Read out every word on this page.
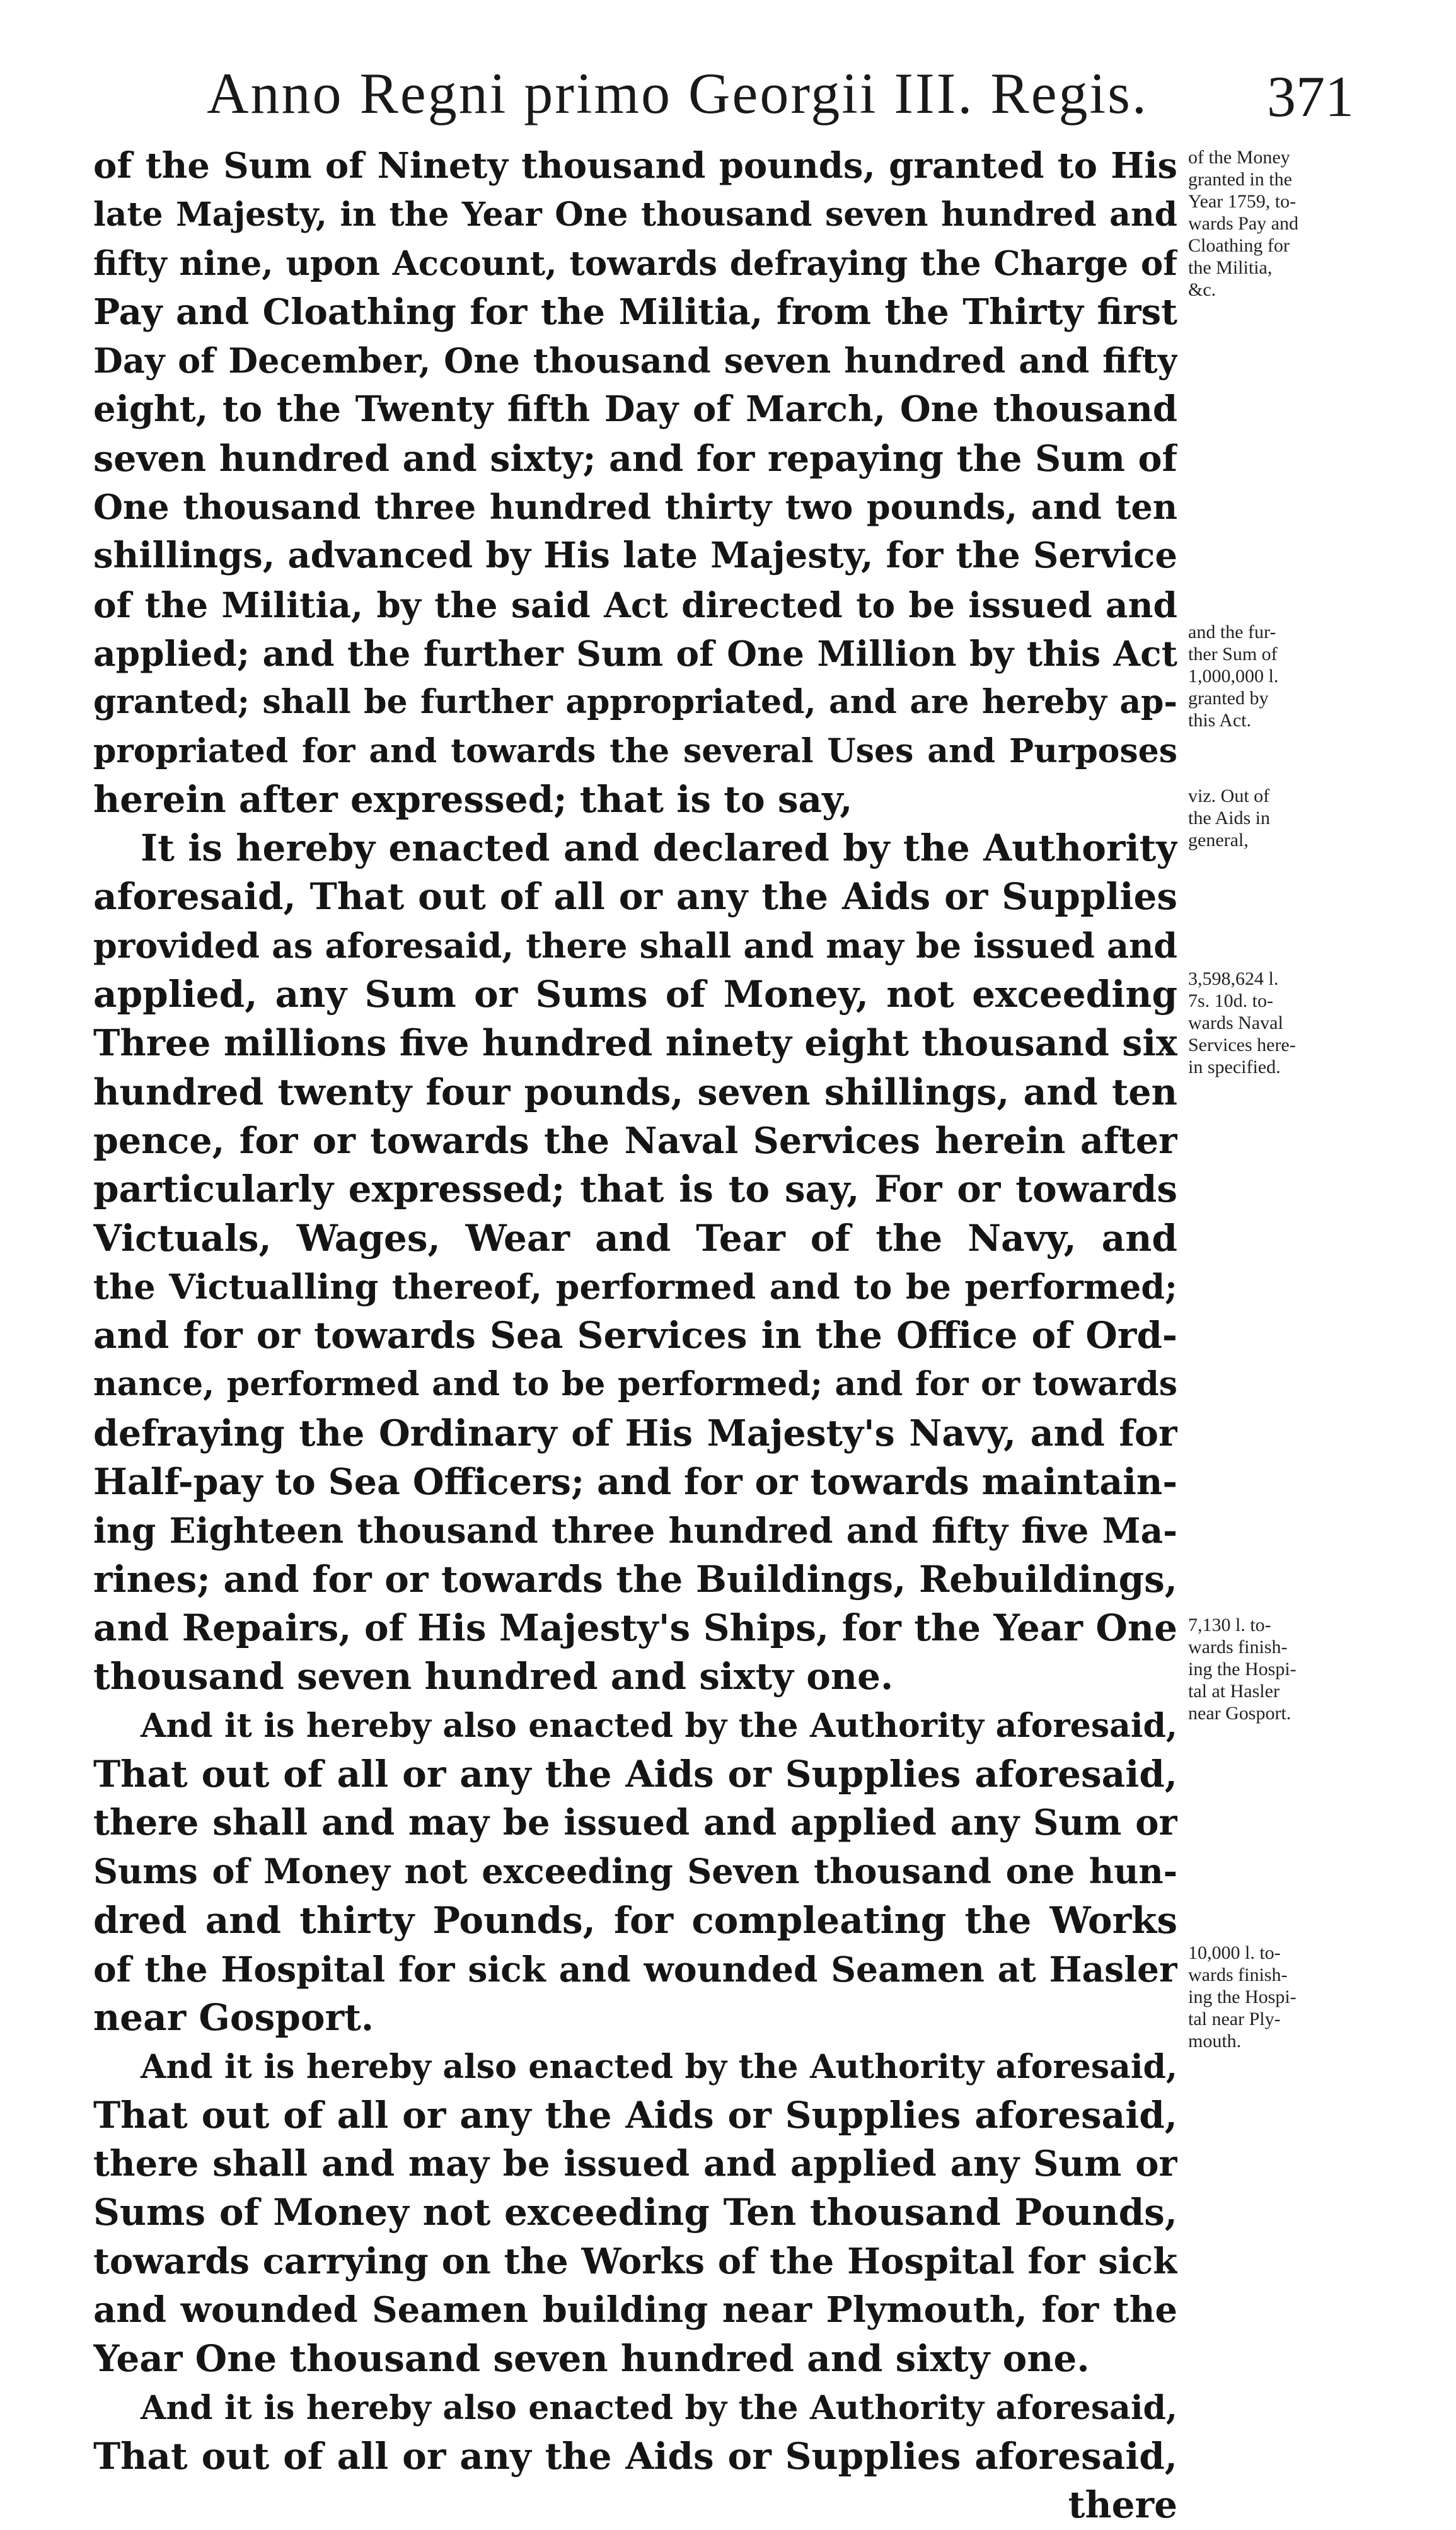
Anno Regni primo Georgii III. Regis.	371
of the Sum of Ninety thousand pounds, granted to His
late Majesty, in the Year One thousand seven hundred and
fifty nine, upon Account, towards defraying the Charge of
Pay and Cloathing for the Militia, from the Thirty first
Day of December, One thousand seven hundred and fifty
eight, to the Twenty fifth Day of March, One thousand
seven hundred and sixty; and for repaying the Sum of
One thousand three hundred thirty two pounds, and ten
shillings, advanced by His late Majesty, for the Service
of the Militia, by the said Act directed to be issued and
applied; and the further Sum of One Million by this Act
granted; shall be further appropriated, and are hereby ap-
propriated for and towards the several Uses and Purposes
herein after expressed; that is to say,
It is hereby enacted and declared by the Authority
aforesaid, That out of all or any the Aids or Supplies
provided as aforesaid, there shall and may be issued and
applied, any Sum or Sums of Money, not exceeding
Three millions five hundred ninety eight thousand six
hundred twenty four pounds, seven shillings, and ten
pence, for or towards the Naval Services herein after
particularly expressed; that is to say, For or towards
Victuals, Wages, Wear and Tear of the Navy, and
the Victualling thereof, performed and to be performed;
and for or towards Sea Services in the Office of Ord-
nance, performed and to be performed; and for or towards
defraying the Ordinary of His Majesty's Navy, and for
Half-pay to Sea Officers; and for or towards maintain-
ing Eighteen thousand three hundred and fifty five Ma-
rines; and for or towards the Buildings, Rebuildings,
and Repairs, of His Majesty's Ships, for the Year One
thousand seven hundred and sixty one.
And it is hereby also enacted by the Authority aforesaid,
That out of all or any the Aids or Supplies aforesaid,
there shall and may be issued and applied any Sum or
Sums of Money not exceeding Seven thousand one hun-
dred and thirty Pounds, for compleating the Works
of the Hospital for sick and wounded Seamen at Hasler
near Gosport.
And it is hereby also enacted by the Authority aforesaid,
That out of all or any the Aids or Supplies aforesaid,
there shall and may be issued and applied any Sum or
Sums of Money not exceeding Ten thousand Pounds,
towards carrying on the Works of the Hospital for sick
and wounded Seamen building near Plymouth, for the
Year One thousand seven hundred and sixty one.
And it is hereby also enacted by the Authority aforesaid,
That out of all or any the Aids or Supplies aforesaid,
there
of the Money
granted in the
Year 1759, to-
wards Pay and
Cloathing for
the Militia,
&c.
and the fur-
ther Sum of
1,000,000 l.
granted by
this Act.
viz. Out of
the Aids in
general,
3,598,624 l.
7s. 10d. to-
wards Naval
Services here-
in specified.
7,130 l. to-
wards finish-
ing the Hospi-
tal at Hasler
near Gosport.
10,000 l. to-
wards finish-
ing the Hospi-
tal near Ply-
mouth.
